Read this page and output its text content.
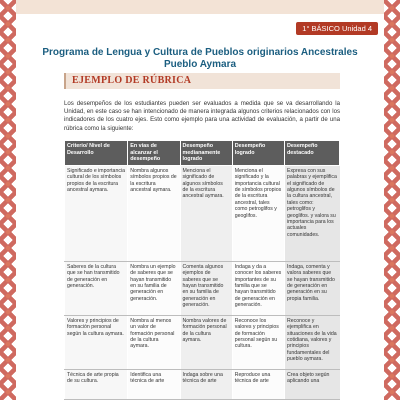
1° BÁSICO Unidad 4
Programa de Lengua y Cultura de Pueblos originarios Ancestrales
Pueblo Aymara
EJEMPLO DE RÚBRICA
Los desempeños de los estudiantes pueden ser evaluados a medida que se va desarrollando la Unidad, en este caso se han intencionado de manera integrada algunos criterios relacionados con los indicadores de los cuatro ejes. Esto como ejemplo para una actividad de evaluación, a partir de una rúbrica como la siguiente:
Criterio/ Nivel de Desarrollo	En vías de alcanzar el desempeño	Desempeño medianamente logrado	Desempeño logrado	Desempeño destacado
Significado e importancia cultural de los símbolos propios de la escritura ancestral aymara.	Nombra algunos símbolos propios de la escritura ancestral aymara.	Menciona el significado de algunos símbolos de la escritura ancestral aymara.	Menciona el significado y la importancia cultural de símbolos propios de la escritura ancestral, tales como petroglifos y geoglifos.	Expresa con sus palabras y ejemplifica el significado de algunos símbolos de la cultura ancestral, tales como: petroglifos y geoglifos. y valora su importancia para los actuales comunidades.
Saberes de la cultura que se han transmitido de generación en generación.	Nombra un ejemplo de saberes que se hayan transmitido en su familia de generación en generación.	Comenta algunos ejemplos de saberes que se hayan transmitido en su familia de generación en generación.	Indaga y da a conocer los saberes importantes de su familia que se hayan transmitido de generación en generación.	Indaga, comenta y valora saberes que se hayan transmitido de generación en generación en su propia familia.
Valores y principios de formación personal según la cultura aymara.	Nombra al menos un valor de formación personal de la cultura aymara.	Nombra valores de formación personal de la cultura aymara.	Reconoce los valores y principios de formación personal según su cultura.	Reconoce y ejemplifica en situaciones de la vida cotidiana, valores y principios fundamentales del pueblo aymara.
Técnica de arte propia de su cultura.	Identifica una técnica de arte	Indaga sobre una técnica de arte	Reproduce una técnica de arte	Crea objeto según aplicando una
